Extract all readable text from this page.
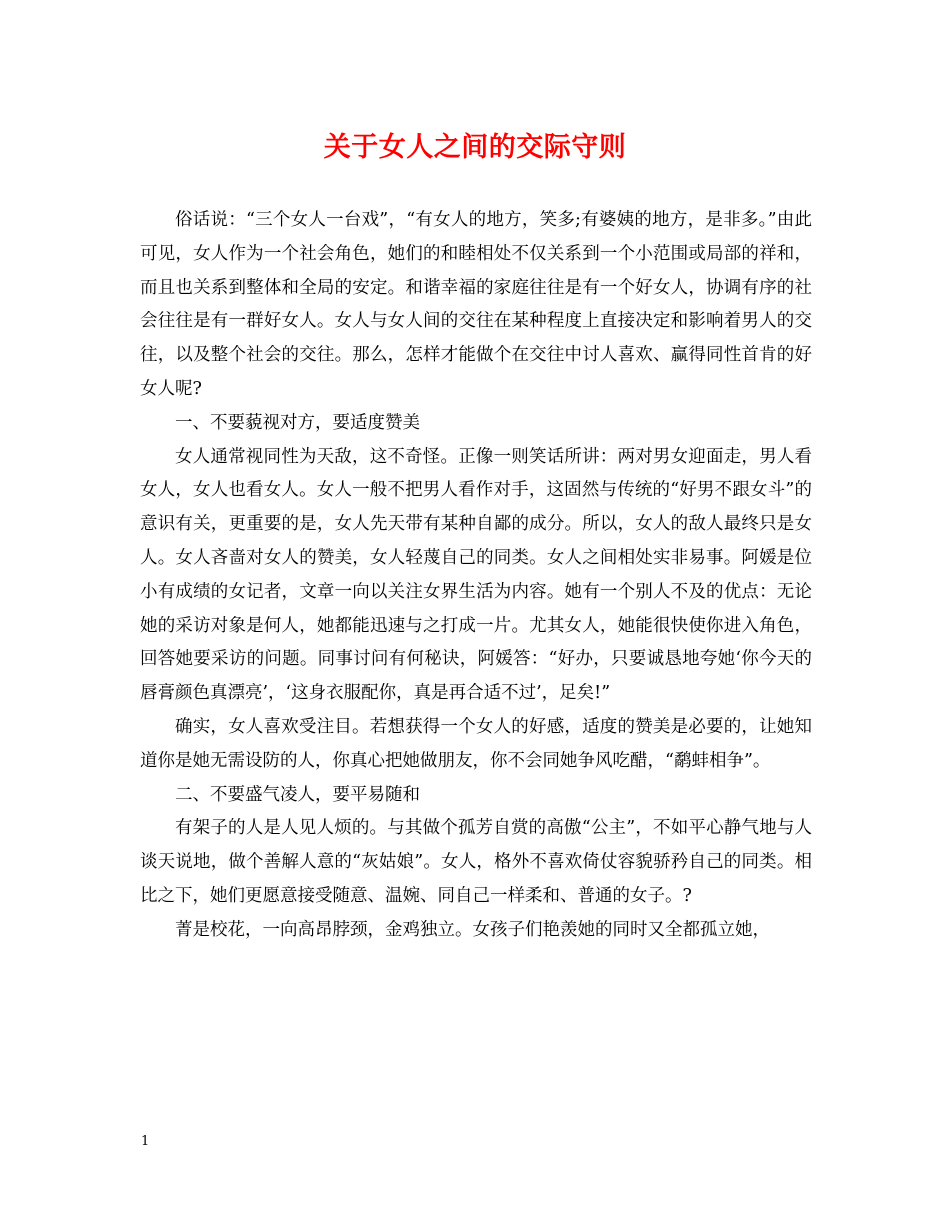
关于女人之间的交际守则

俗话说：“三个女人一台戏”，“有女人的地方，笑多;有婆姨的地方，是非多。”由此可见，女人作为一个社会角色，她们的和睦相处不仅关系到一个小范围或局部的祥和，而且也关系到整体和全局的安定。和谐幸福的家庭往往是有一个好女人，协调有序的社会往往是有一群好女人。女人与女人间的交往在某种程度上直接决定和影响着男人的交往，以及整个社会的交往。那么，怎样才能做个在交往中讨人喜欢、赢得同性首肯的好女人呢?

一、不要藐视对方，要适度赞美

女人通常视同性为天敌，这不奇怪。正像一则笑话所讲：两对男女迎面走，男人看女人，女人也看女人。女人一般不把男人看作对手，这固然与传统的“好男不跟女斗”的意识有关，更重要的是，女人先天带有某种自鄙的成分。所以，女人的敌人最终只是女人。女人吝啬对女人的赞美，女人轻蔑自己的同类。女人之间相处实非易事。阿媛是位小有成绩的女记者，文章一向以关注女界生活为内容。她有一个别人不及的优点：无论她的采访对象是何人，她都能迅速与之打成一片。尤其女人，她能很快使你进入角色，回答她要采访的问题。同事讨问有何秘诀，阿媛答：“好办，只要诚恳地夸她‘你今天的唇膏颜色真漂亮’，‘这身衣服配你，真是再合适不过’，足矣!”

确实，女人喜欢受注目。若想获得一个女人的好感，适度的赞美是必要的，让她知道你是她无需设防的人，你真心把她做朋友，你不会同她争风吃醋，“鹬蚌相争”。

二、不要盛气凌人，要平易随和

有架子的人是人见人烦的。与其做个孤芳自赏的高傲“公主”，不如平心静气地与人谈天说地，做个善解人意的“灰姑娘”。女人，格外不喜欢倚仗容貌骄矜自己的同类。相比之下，她们更愿意接受随意、温婉、同自己一样柔和、普通的女子。?

菁是校花，一向高昂脖颈，金鸡独立。女孩子们艳羡她的同时又全都孤立她，

1
